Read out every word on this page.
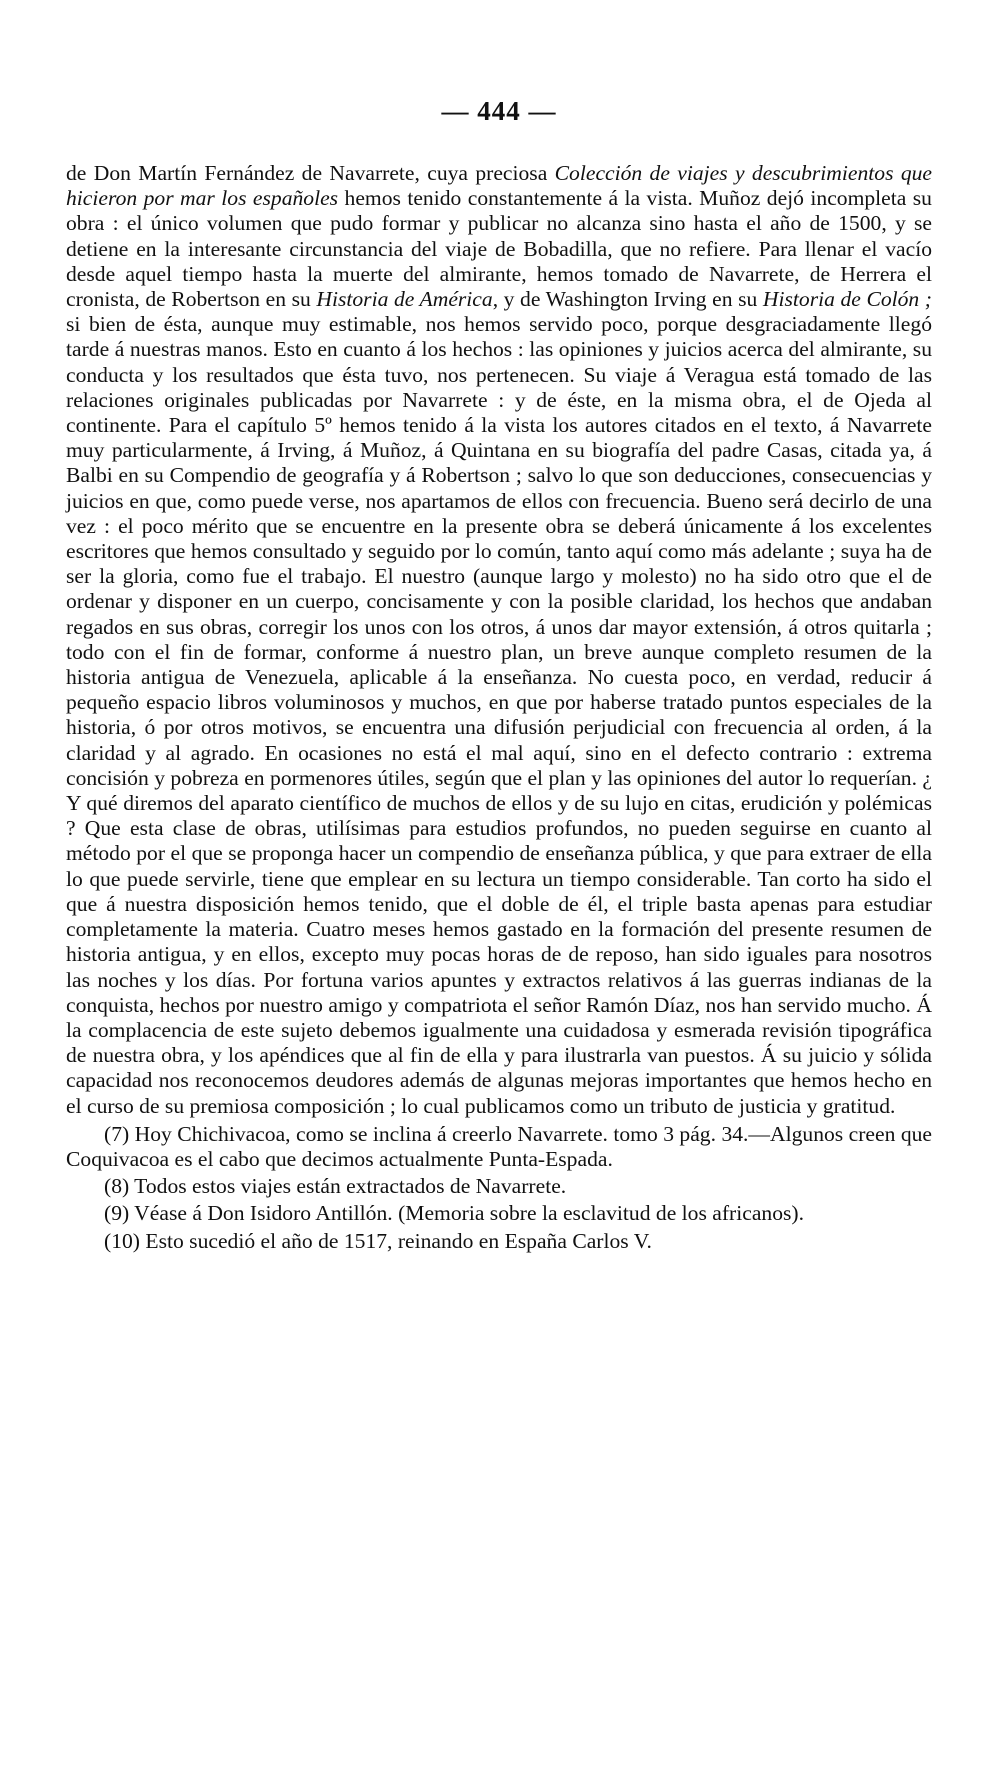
— 444 —

de Don Martín Fernández de Navarrete, cuya preciosa Colección de viajes y descubrimientos que hicieron por mar los españoles hemos tenido constantemente á la vista. Muñoz dejó incompleta su obra : el único volumen que pudo formar y publicar no alcanza sino hasta el año de 1500, y se detiene en la interesante circunstancia del viaje de Bobadilla, que no refiere. Para llenar el vacío desde aquel tiempo hasta la muerte del almirante, hemos tomado de Navarrete, de Herrera el cronista, de Robertson en su Historia de América, y de Washington Irving en su Historia de Colón ; si bien de ésta, aunque muy estimable, nos hemos servido poco, porque desgraciadamente llegó tarde á nuestras manos. Esto en cuanto á los hechos : las opiniones y juicios acerca del almirante, su conducta y los resultados que ésta tuvo, nos pertenecen. Su viaje á Veragua está tomado de las relaciones originales publicadas por Navarrete : y de éste, en la misma obra, el de Ojeda al continente. Para el capítulo 5º hemos tenido á la vista los autores citados en el texto, á Navarrete muy particularmente, á Irving, á Muñoz, á Quintana en su biografía del padre Casas, citada ya, á Balbi en su Compendio de geografía y á Robertson ; salvo lo que son deducciones, consecuencias y juicios en que, como puede verse, nos apartamos de ellos con frecuencia. Bueno será decirlo de una vez : el poco mérito que se encuentre en la presente obra se deberá únicamente á los excelentes escritores que hemos consultado y seguido por lo común, tanto aquí como más adelante ; suya ha de ser la gloria, como fue el trabajo. El nuestro (aunque largo y molesto) no ha sido otro que el de ordenar y disponer en un cuerpo, concisamente y con la posible claridad, los hechos que andaban regados en sus obras, corregir los unos con los otros, á unos dar mayor extensión, á otros quitarla ; todo con el fin de formar, conforme á nuestro plan, un breve aunque completo resumen de la historia antigua de Venezuela, aplicable á la enseñanza. No cuesta poco, en verdad, reducir á pequeño espacio libros voluminosos y muchos, en que por haberse tratado puntos especiales de la historia, ó por otros motivos, se encuentra una difusión perjudicial con frecuencia al orden, á la claridad y al agrado. En ocasiones no está el mal aquí, sino en el defecto contrario : extrema concisión y pobreza en pormenores útiles, según que el plan y las opiniones del autor lo requerían. ¿ Y qué diremos del aparato científico de muchos de ellos y de su lujo en citas, erudición y polémicas ? Que esta clase de obras, utilísimas para estudios profundos, no pueden seguirse en cuanto al método por el que se proponga hacer un compendio de enseñanza pública, y que para extraer de ella lo que puede servirle, tiene que emplear en su lectura un tiempo considerable. Tan corto ha sido el que á nuestra disposición hemos tenido, que el doble de él, el triple basta apenas para estudiar completamente la materia. Cuatro meses hemos gastado en la formación del presente resumen de historia antigua, y en ellos, excepto muy pocas horas de de reposo, han sido iguales para nosotros las noches y los días. Por fortuna varios apuntes y extractos relativos á las guerras indianas de la conquista, hechos por nuestro amigo y compatriota el señor Ramón Díaz, nos han servido mucho. Á la complacencia de este sujeto debemos igualmente una cuidadosa y esmerada revisión tipográfica de nuestra obra, y los apéndices que al fin de ella y para ilustrarla van puestos. Á su juicio y sólida capacidad nos reconocemos deudores además de algunas mejoras importantes que hemos hecho en el curso de su premiosa composición ; lo cual publicamos como un tributo de justicia y gratitud.

(7) Hoy Chichivacoa, como se inclina á creerlo Navarrete. tomo 3 pág. 34.—Algunos creen que Coquivacoa es el cabo que decimos actualmente Punta-Espada.

(8) Todos estos viajes están extractados de Navarrete.

(9) Véase á Don Isidoro Antillón. (Memoria sobre la esclavitud de los africanos).

(10) Esto sucedió el año de 1517, reinando en España Carlos V.
